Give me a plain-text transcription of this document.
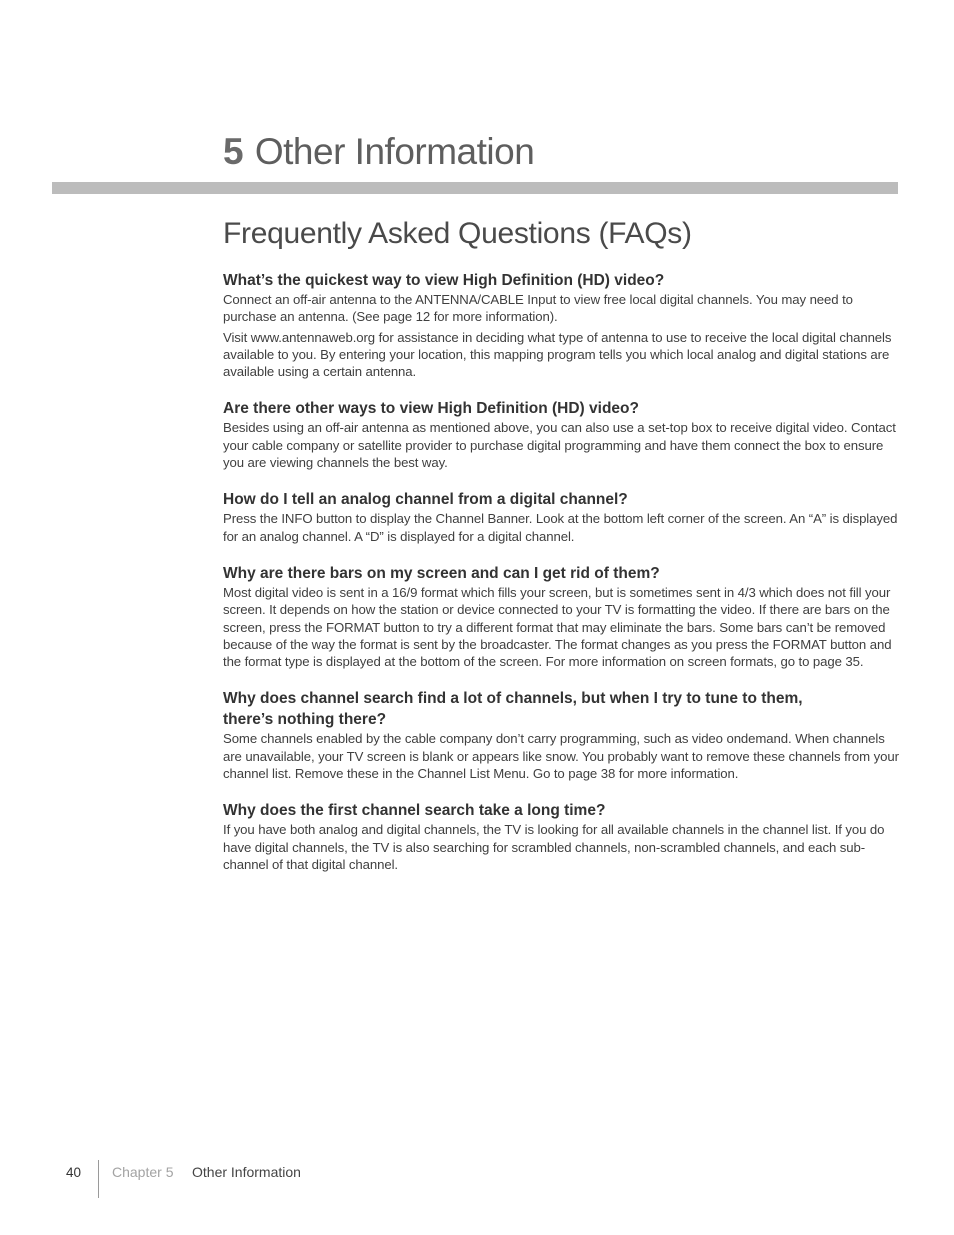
5 Other Information
Frequently Asked Questions (FAQs)
What’s the quickest way to view High Definition (HD) video?

Connect an off-air antenna to the ANTENNA/CABLE Input to view free local digital channels. You may need to purchase an antenna. (See page 12 for more information).

Visit www.antennaweb.org for assistance in deciding what type of antenna to use to receive the local digital channels available to you. By entering your location, this mapping program tells you which local analog and digital stations are available using a certain antenna.

Are there other ways to view High Definition (HD) video?

Besides using an off-air antenna as mentioned above, you can also use a set-top box to receive digital video. Contact your cable company or satellite provider to purchase digital programming and have them connect the box to ensure you are viewing channels the best way.

How do I tell an analog channel from a digital channel?

Press the INFO button to display the Channel Banner. Look at the bottom left corner of the screen. An “A” is displayed for an analog channel. A “D” is displayed for a digital channel.

Why are there bars on my screen and can I get rid of them?

Most digital video is sent in a 16/9 format which fills your screen, but is sometimes sent in 4/3 which does not fill your screen. It depends on how the station or device connected to your TV is formatting the video. If there are bars on the screen, press the FORMAT button to try a different format that may eliminate the bars. Some bars can’t be removed because of the way the format is sent by the broadcaster. The format changes as you press the FORMAT button and the format type is displayed at the bottom of the screen. For more information on screen formats, go to page 35.

Why does channel search find a lot of channels, but when I try to tune to them, there’s nothing there?

Some channels enabled by the cable company don’t carry programming, such as video ondemand. When channels are unavailable, your TV screen is blank or appears like snow. You probably want to remove these channels from your channel list. Remove these in the Channel List Menu. Go to page 38 for more information.

Why does the first channel search take a long time?

If you have both analog and digital channels, the TV is looking for all available channels in the channel list. If you do have digital channels, the TV is also searching for scrambled channels, non-scrambled channels, and each sub-channel of that digital channel.

40 Chapter 5 Other Information
